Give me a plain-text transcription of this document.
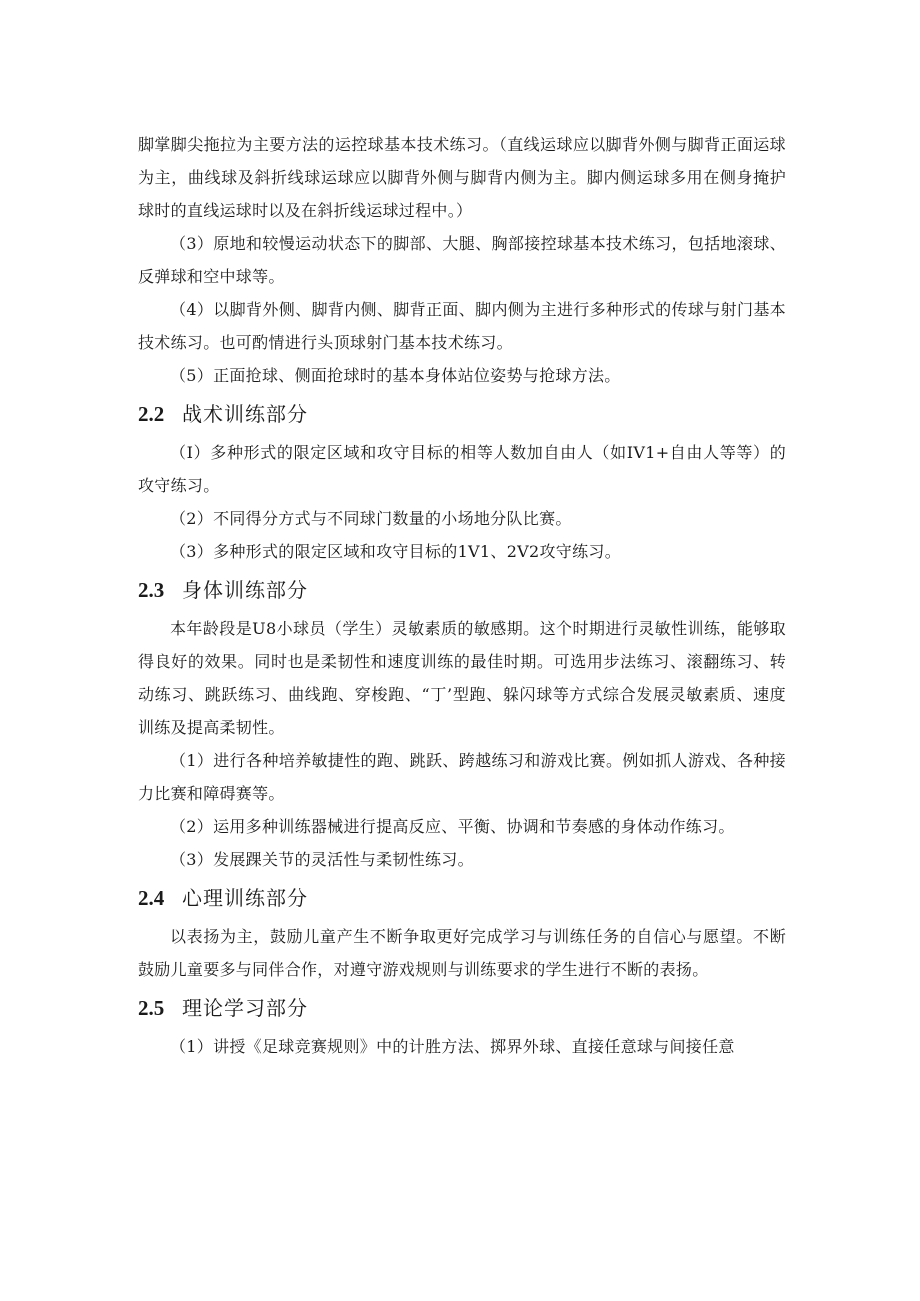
脚掌脚尖拖拉为主要方法的运控球基本技术练习。（直线运球应以脚背外侧与脚背正面运球为主，曲线球及斜折线球运球应以脚背外侧与脚背内侧为主。脚内侧运球多用在侧身掩护球时的直线运球时以及在斜折线运球过程中。）

（3）原地和较慢运动状态下的脚部、大腿、胸部接控球基本技术练习，包括地滚球、反弹球和空中球等。

（4）以脚背外侧、脚背内侧、脚背正面、脚内侧为主进行多种形式的传球与射门基本技术练习。也可酌情进行头顶球射门基本技术练习。

（5）正面抢球、侧面抢球时的基本身体站位姿势与抢球方法。

2.2 战术训练部分

（I）多种形式的限定区域和攻守目标的相等人数加自由人（如IV1+自由人等等）的攻守练习。

（2）不同得分方式与不同球门数量的小场地分队比赛。

（3）多种形式的限定区域和攻守目标的1V1、2V2攻守练习。

2.3 身体训练部分

本年龄段是U8小球员（学生）灵敏素质的敏感期。这个时期进行灵敏性训练，能够取得良好的效果。同时也是柔韧性和速度训练的最佳时期。可选用步法练习、滚翻练习、转动练习、跳跃练习、曲线跑、穿梭跑、“丁’型跑、躲闪球等方式综合发展灵敏素质、速度训练及提高柔韧性。

（1）进行各种培养敏捷性的跑、跳跃、跨越练习和游戏比赛。例如抓人游戏、各种接力比赛和障碍赛等。

（2）运用多种训练器械进行提高反应、平衡、协调和节奏感的身体动作练习。

（3）发展踝关节的灵活性与柔韧性练习。

2.4 心理训练部分

以表扬为主，鼓励儿童产生不断争取更好完成学习与训练任务的自信心与愿望。不断鼓励儿童要多与同伴合作，对遵守游戏规则与训练要求的学生进行不断的表扬。

2.5 理论学习部分

（1）讲授《足球竞赛规则》中的计胜方法、掷界外球、直接任意球与间接任意
